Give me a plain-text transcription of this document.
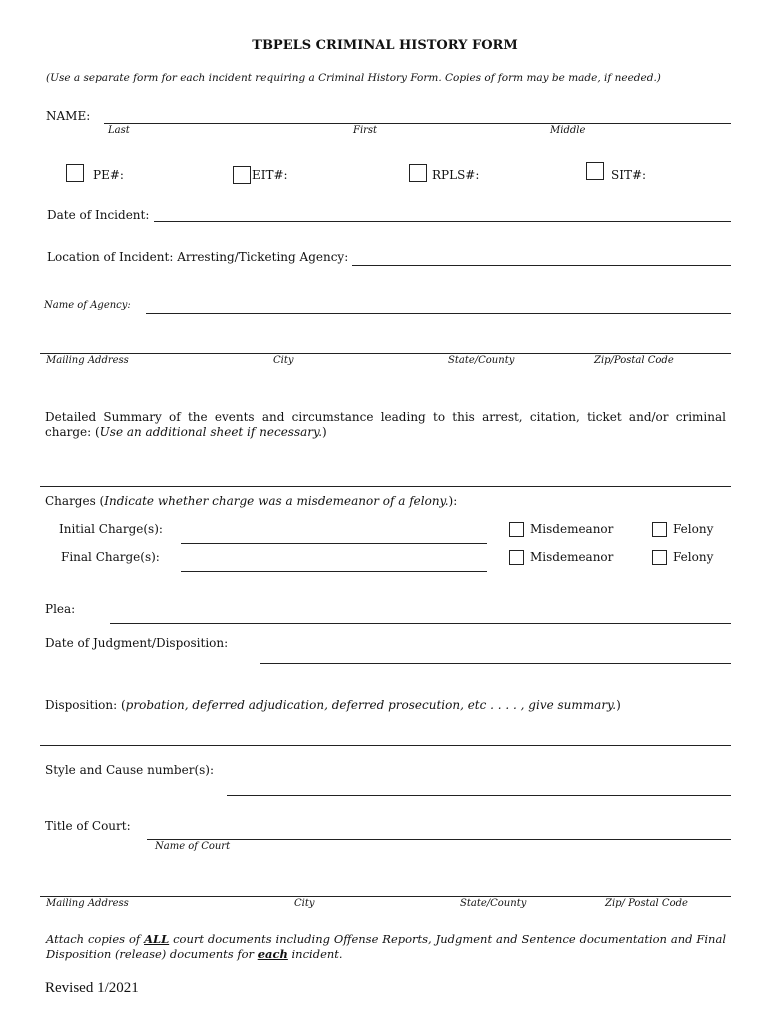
TBPELS CRIMINAL HISTORY FORM
(Use a separate form for each incident requiring a Criminal History Form. Copies of form may be made, if needed.)
NAME:
Last	First	Middle
PE#:	EIT#:	RPLS#:	SIT#:
Date of Incident:
Location of Incident: Arresting/Ticketing Agency:
Name of Agency:
Mailing Address	City	State/County	Zip/Postal Code
Detailed Summary of the events and circumstance leading to this arrest, citation, ticket and/or criminal charge: (Use an additional sheet if necessary.)
Charges (Indicate whether charge was a misdemeanor of a felony.):
Initial Charge(s):	Misdemeanor	Felony
Final Charge(s):	Misdemeanor	Felony
Plea:
Date of Judgment/Disposition:
Disposition: (probation, deferred adjudication, deferred prosecution, etc . . . . , give summary.)
Style and Cause number(s):
Title of Court:
Name of Court
Mailing Address	City	State/County	Zip/ Postal Code
Attach copies of ALL court documents including Offense Reports, Judgment and Sentence documentation and Final Disposition (release) documents for each incident.
Revised 1/2021
